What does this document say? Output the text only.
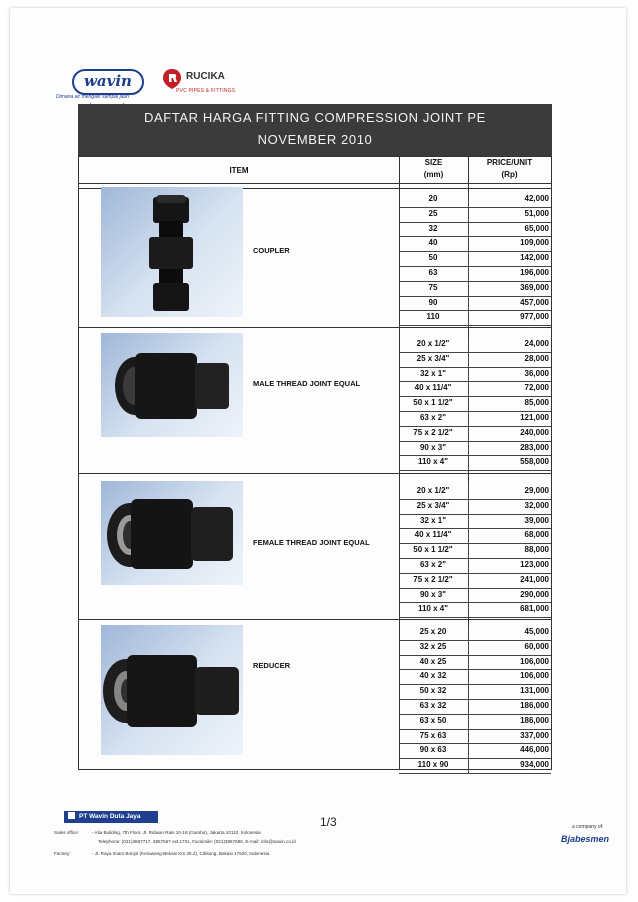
wavin
Dimana air mengalir sampai jauh
RUCIKA
PVC PIPES & FITTINGS
DAFTAR HARGA FITTING COMPRESSION JOINT PE
NOVEMBER 2010
ITEM
SIZE
(mm)
PRICE/UNIT
(Rp)
COUPLER
20	42,000
25	51,000
32	65,000
40	109,000
50	142,000
63	196,000
75	369,000
90	457,000
110	977,000
MALE THREAD JOINT EQUAL
20 x 1/2"	24,000
25 x 3/4"	28,000
32 x 1"	36,000
40 x 11/4"	72,000
50 x 1 1/2"	85,000
63 x 2"	121,000
75 x 2 1/2"	240,000
90 x 3"	283,000
110 x 4"	558,000
FEMALE THREAD JOINT EQUAL
20 x 1/2"	29,000
25 x 3/4"	32,000
32 x 1"	39,000
40 x 11/4"	68,000
50 x 1 1/2"	88,000
63 x 2"	123,000
75 x 2 1/2"	241,000
90 x 3"	290,000
110 x 4"	681,000
REDUCER
25 x 20	45,000
32 x 25	60,000
40 x 25	106,000
40 x 32	106,000
50 x 32	131,000
63 x 32	186,000
63 x 50	186,000
75 x 63	337,000
90 x 63	446,000
110 x 90	934,000
PT Wavin Duta Jaya
Sales office:	- Alia Building, 7th Floor, Jl. Ridwan Rais 10-18 (Gambir), Jakarta 10110, Indonesia
Telephone: (021)3867717, 3857557 ext.1701, Facsimile: (021)3867686, E-mail: info@wavin.co.id
Factory:	- Jl. Raya Imam Bonjol (Kerawang-Bekasi Km 26.2), Cibitung, Bekasi 17520, Indonesia
1/3	a company of:
Bjabesmen
